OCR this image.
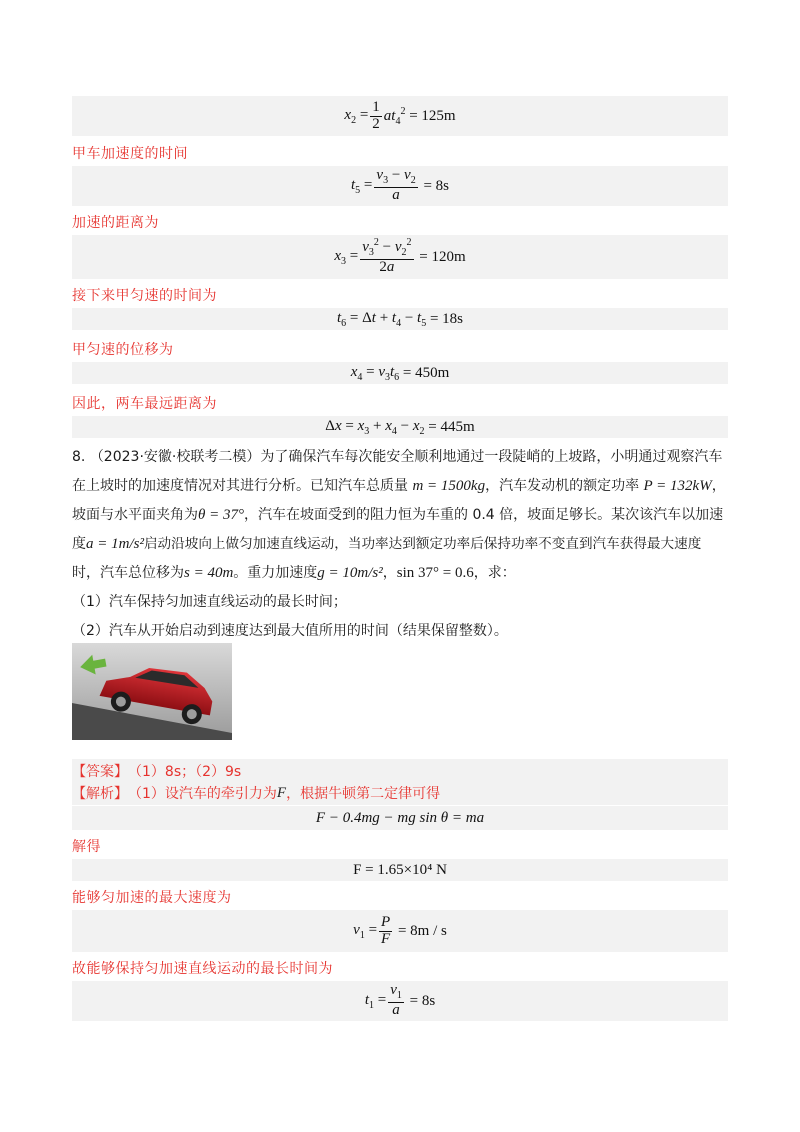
$x_2 = \frac{1}{2} at_4^2 = 125m$
甲车加速度的时间
$t_5 = \frac{v_3 - v_2}{a}$
= 8s
加速的距离为
$x_3 = \frac{v_3^2 - v_2^2}{2a}$
= 120m
接下来甲匀速的时间为
$t_6 = \Delta t + t_4 - t_5 = 18s$
甲匀速的位移为
$x_4 = v_3t_6 = 450m$
因此，两车最远距离为
$\Delta x = x_3 + x_4 - x_2 = 445m$
8. （2023·安徽·校联考二模）为了确保汽车每次能安全顺利地通过一段陡峭的上坡路，小明通过观察汽车
在上坡时的加速度情况对其进行分析。已知汽车总质量 m = 1500kg，汽车发动机的额定功率 P = 132kW，
坡面与水平面夹角为θ = 37°，汽车在坡面受到的阻力恒为车重的 0.4 倍，坡面足够长。某次该汽车以加速
度a = 1m/s²启动沿坡向上做匀加速直线运动，当功率达到额定功率后保持功率不变直到汽车获得最大速度
时，汽车总位移为s = 40m。重力加速度g = 10m/s²，sin 37° = 0.6，求：
（1）汽车保持匀加速直线运动的最长时间；
（2）汽车从开始启动到速度达到最大值所用的时间（结果保留整数）。
【答案】 （1）8s；（2）9s
【解析】 （1）设汽车的牵引力为 F ，根据牛顿第二定律可得
F − 0.4mg − mg sin θ = ma
解得
F = 1.65×10⁴ N
能够匀加速的最大速度为
$v_1 = \frac{P}{F}$
= 8m / s
故能够保持匀加速直线运动的最长时间为
$t_1 = \frac{v_1}{a}$
= 8s
